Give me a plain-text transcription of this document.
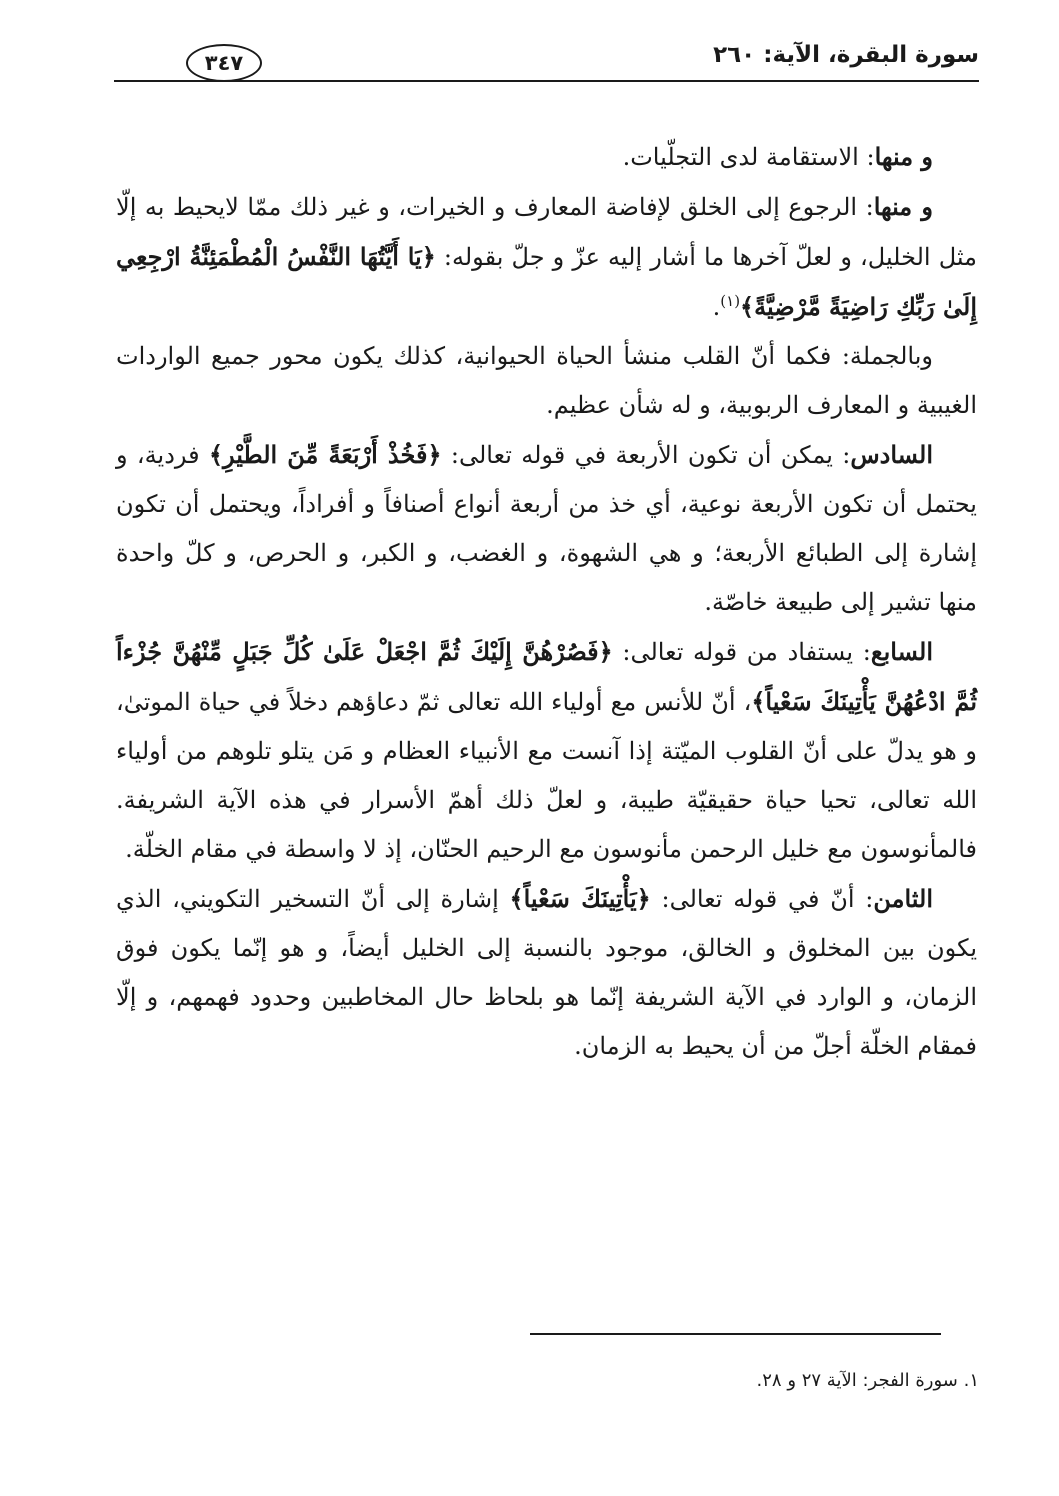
سورة البقرة، الآية: ٢٦٠
٣٤٧

و منها: الاستقامة لدى التجلّيات.

و منها: الرجوع إلى الخلق لإفاضة المعارف و الخيرات، و غير ذلك ممّا لايحيط به إلّا مثل الخليل، و لعلّ آخرها ما أشار إليه عزّ و جلّ بقوله: ﴿يَا أَيَّتُهَا النَّفْسُ الْمُطْمَئِنَّةُ ارْجِعِي إِلَىٰ رَبِّكِ رَاضِيَةً مَّرْضِيَّةً﴾$^{(١)}$.

وبالجملة: فكما أنّ القلب منشأ الحياة الحيوانية، كذلك يكون محور جميع الواردات الغيبية و المعارف الربوبية، و له شأن عظيم.

السادس: يمكن أن تكون الأربعة في قوله تعالى: ﴿فَخُذْ أَرْبَعَةً مِّنَ الطَّيْرِ﴾ فردية، و يحتمل أن تكون الأربعة نوعية، أي خذ من أربعة أنواع أصنافاً و أفراداً، ويحتمل أن تكون إشارة إلى الطبائع الأربعة؛ و هي الشهوة، و الغضب، و الكبر، و الحرص، و كلّ واحدة منها تشير إلى طبيعة خاصّة.

السابع: يستفاد من قوله تعالى: ﴿فَصُرْهُنَّ إِلَيْكَ ثُمَّ اجْعَلْ عَلَىٰ كُلِّ جَبَلٍ مِّنْهُنَّ جُزْءاً ثُمَّ ادْعُهُنَّ يَأْتِينَكَ سَعْياً﴾، أنّ للأنس مع أولياء الله تعالى ثمّ دعاؤهم دخلاً في حياة الموتىٰ، و هو يدلّ على أنّ القلوب الميّتة إذا آنست مع الأنبياء العظام و مَن يتلو تلوهم من أولياء الله تعالى، تحيا حياة حقيقيّة طيبة، و لعلّ ذلك أهمّ الأسرار في هذه الآية الشريفة. فالمأنوسون مع خليل الرحمن مأنوسون مع الرحيم الحنّان، إذ لا واسطة في مقام الخلّة.

الثامن: أنّ في قوله تعالى: ﴿يَأْتِينَكَ سَعْياً﴾ إشارة إلى أنّ التسخير التكويني، الذي يكون بين المخلوق و الخالق، موجود بالنسبة إلى الخليل أيضاً، و هو إنّما يكون فوق الزمان، و الوارد في الآية الشريفة إنّما هو بلحاظ حال المخاطبين وحدود فهمهم، و إلّا فمقام الخلّة أجلّ من أن يحيط به الزمان.

١. سورة الفجر: الآية ٢٧ و ٢٨.
